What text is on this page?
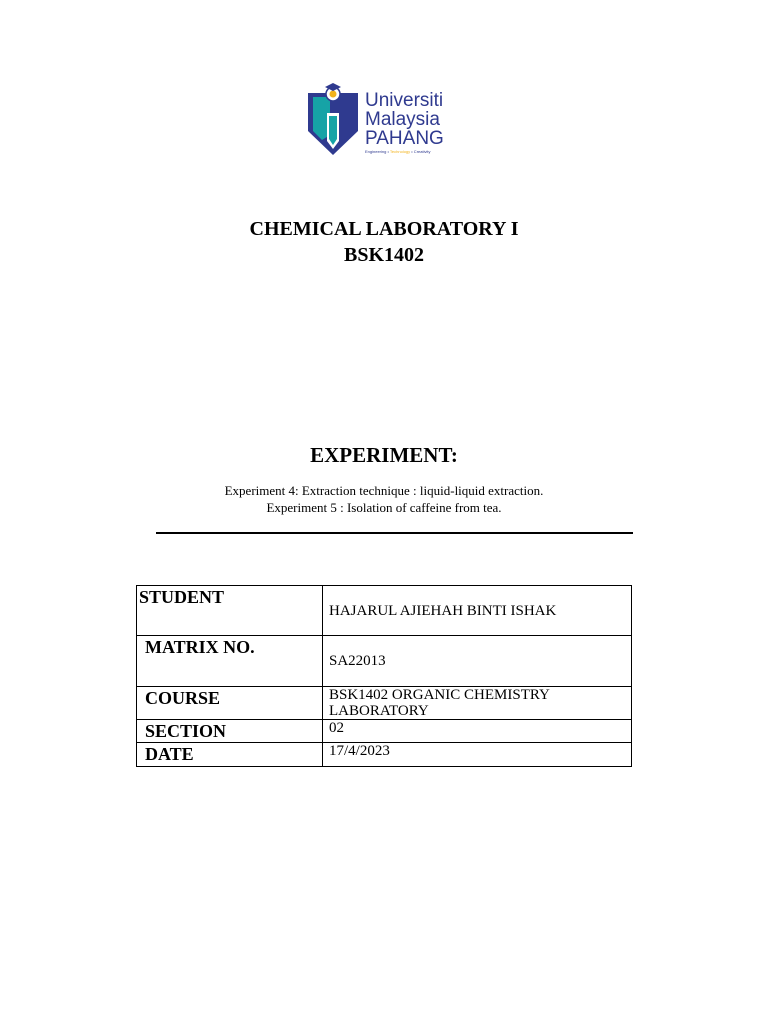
Universiti
Malaysia
PAHANG
Engineering • Technology • Creativity
CHEMICAL LABORATORY I
BSK1402
EXPERIMENT:
Experiment 4: Extraction technique : liquid-liquid extraction.
Experiment 5 : Isolation of caffeine from tea.
STUDENT	HAJARUL AJIEHAH BINTI ISHAK
MATRIX NO.	SA22013
COURSE	BSK1402 ORGANIC CHEMISTRY LABORATORY
SECTION	02
DATE	17/4/2023
